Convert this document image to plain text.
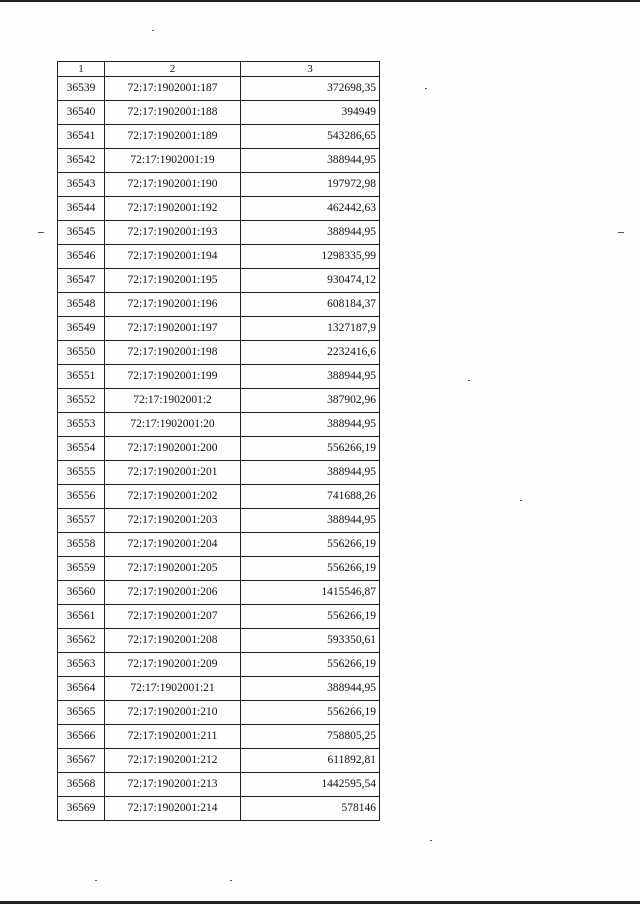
1	2	3
36539	72:17:1902001:187	372698,35
36540	72:17:1902001:188	394949
36541	72:17:1902001:189	543286,65
36542	72:17:1902001:19	388944,95
36543	72:17:1902001:190	197972,98
36544	72:17:1902001:192	462442,63
36545	72:17:1902001:193	388944,95
36546	72:17:1902001:194	1298335,99
36547	72:17:1902001:195	930474,12
36548	72:17:1902001:196	608184,37
36549	72:17:1902001:197	1327187,9
36550	72:17:1902001:198	2232416,6
36551	72:17:1902001:199	388944,95
36552	72:17:1902001:2	387902,96
36553	72:17:1902001:20	388944,95
36554	72:17:1902001:200	556266,19
36555	72:17:1902001:201	388944,95
36556	72:17:1902001:202	741688,26
36557	72:17:1902001:203	388944,95
36558	72:17:1902001:204	556266,19
36559	72:17:1902001:205	556266,19
36560	72:17:1902001:206	1415546,87
36561	72:17:1902001:207	556266,19
36562	72:17:1902001:208	593350,61
36563	72:17:1902001:209	556266,19
36564	72:17:1902001:21	388944,95
36565	72:17:1902001:210	556266,19
36566	72:17:1902001:211	758805,25
36567	72:17:1902001:212	611892,81
36568	72:17:1902001:213	1442595,54
36569	72:17:1902001:214	578146
